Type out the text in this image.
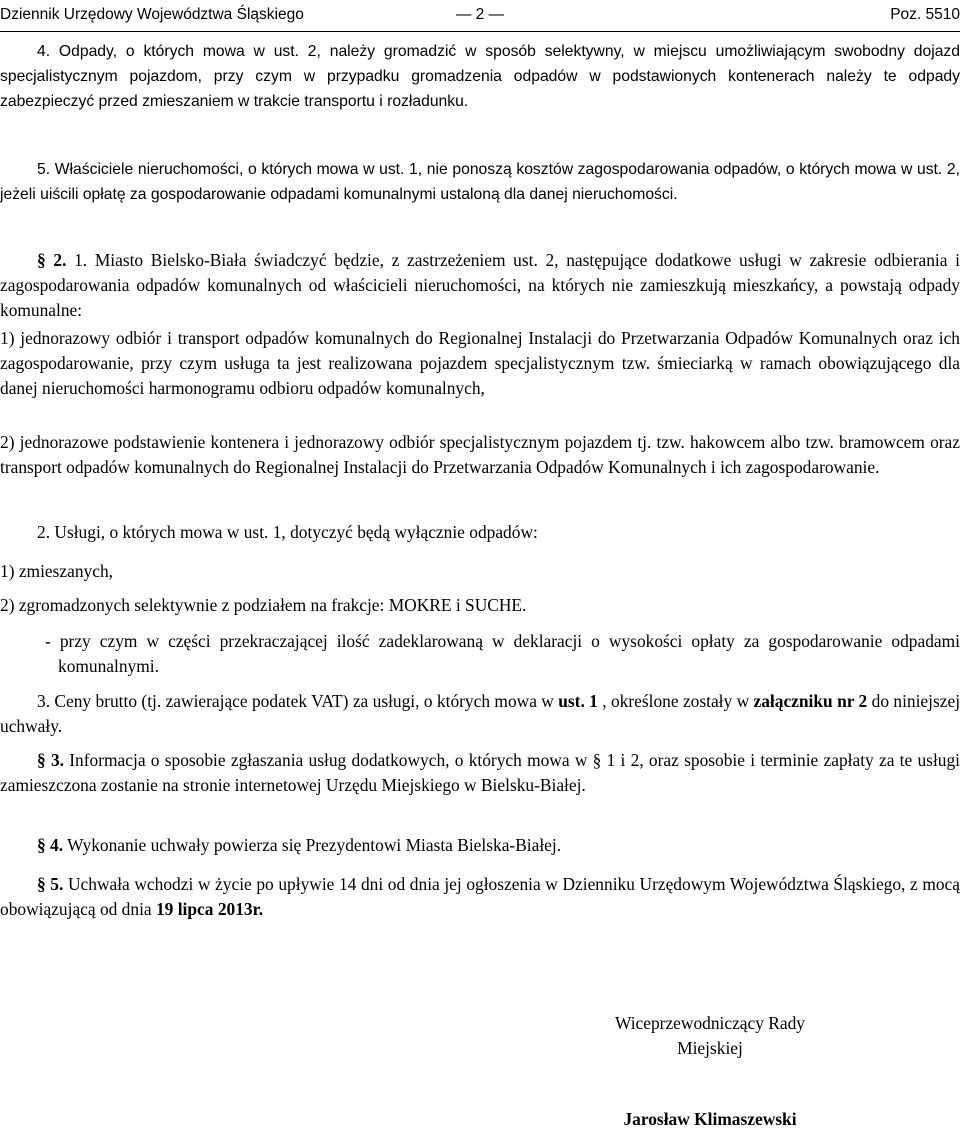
— 2 —
Dziennik Urzędowy Województwa Śląskiego	Poz. 5510

4. Odpady, o których mowa w ust. 2, należy gromadzić w sposób selektywny, w miejscu umożliwiającym swobodny dojazd specjalistycznym pojazdom, przy czym w przypadku gromadzenia odpadów w podstawionych kontenerach należy te odpady zabezpieczyć przed zmieszaniem w trakcie transportu i rozładunku.

5. Właściciele nieruchomości, o których mowa w ust. 1, nie ponoszą kosztów zagospodarowania odpadów, o których mowa w ust. 2, jeżeli uiścili opłatę za gospodarowanie odpadami komunalnymi ustaloną dla danej nieruchomości.

§ 2. 1. Miasto Bielsko-Biała świadczyć będzie, z zastrzeżeniem ust. 2, następujące dodatkowe usługi w zakresie odbierania i zagospodarowania odpadów komunalnych od właścicieli nieruchomości, na których nie zamieszkują mieszkańcy, a powstają odpady komunalne:

1) jednorazowy odbiór i transport odpadów komunalnych do Regionalnej Instalacji do Przetwarzania Odpadów Komunalnych oraz ich zagospodarowanie, przy czym usługa ta jest realizowana pojazdem specjalistycznym tzw. śmieciarką w ramach obowiązującego dla danej nieruchomości harmonogramu odbioru odpadów komunalnych,

2) jednorazowe podstawienie kontenera i jednorazowy odbiór specjalistycznym pojazdem tj. tzw. hakowcem albo tzw. bramowcem oraz transport odpadów komunalnych do Regionalnej Instalacji do Przetwarzania Odpadów Komunalnych i ich zagospodarowanie.

2. Usługi, o których mowa w ust. 1, dotyczyć będą wyłącznie odpadów:

1) zmieszanych,

2) zgromadzonych selektywnie z podziałem na frakcje: MOKRE i SUCHE.

- przy czym w części przekraczającej ilość zadeklarowaną w deklaracji o wysokości opłaty za gospodarowanie odpadami komunalnymi.

3. Ceny brutto (tj. zawierające podatek VAT) za usługi, o których mowa w ust. 1 , określone zostały w załączniku nr 2 do niniejszej uchwały.

§ 3. Informacja o sposobie zgłaszania usług dodatkowych, o których mowa w § 1 i 2, oraz sposobie i terminie zapłaty za te usługi zamieszczona zostanie na stronie internetowej Urzędu Miejskiego w Bielsku-Białej.

§ 4. Wykonanie uchwały powierza się Prezydentowi Miasta Bielska-Białej.

§ 5. Uchwała wchodzi w życie po upływie 14 dni od dnia jej ogłoszenia w Dzienniku Urzędowym Województwa Śląskiego, z mocą obowiązującą od dnia 19 lipca 2013r.

Wiceprzewodniczący Rady
Miejskiej
Jarosław Klimaszewski
